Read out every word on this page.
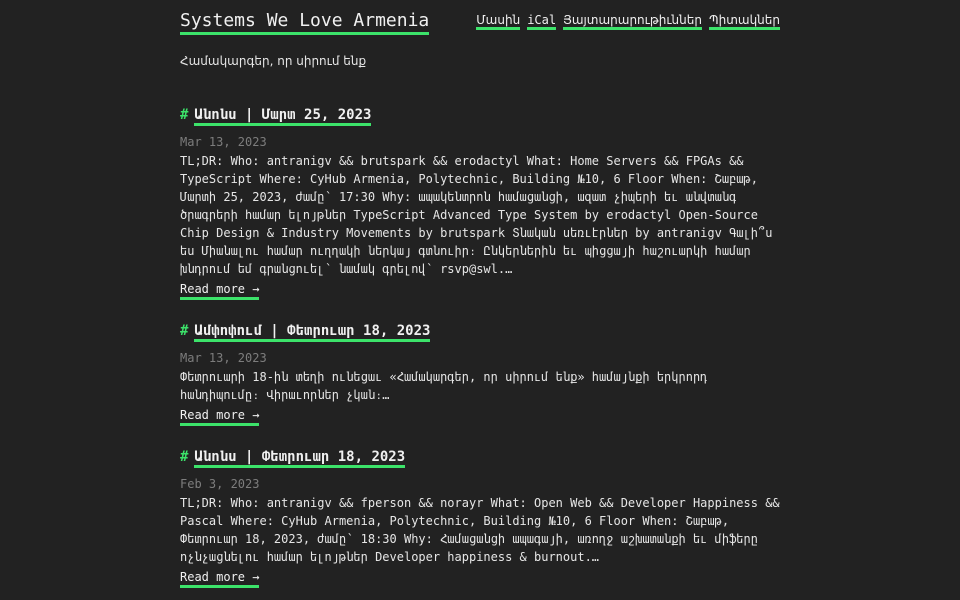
Systems We Love Armenia	Մասին iCal Յայտարարութիւններ Պիտակներ
Համակարգեր, որ սիրում ենք
# Անոնս | Մարտ 25, 2023
Mar 13, 2023
TL;DR: Who: antranigv && brutspark && erodactyl What: Home Servers && FPGAs && TypeScript Where: CyHub Armenia, Polytechnic, Building №10, 6 Floor When: Շաբաթ, Մարտի 25, 2023, ժամը՝ 17:30 Why: ապակենտրոն համացանցի, ազատ չիպերի եւ անվտանգ ծրագրերի համար ելոյթներ TypeScript Advanced Type System by erodactyl Open-Source Chip Design & Industry Movements by brutspark Տնական սեռւէրներ by antranigv Գալի՞ս ես Միանալու համար ուղղակի ներկայ գտնուիր։ Ընկերներին եւ պիցցայի հաշուարկի համար խնդրում եմ գրանցուել՝ նամակ գրելով՝ rsvp@swl.…
Read more →
# Ամփոփում | Փետրուար 18, 2023
Mar 13, 2023
Փետրուարի 18-ին տեղի ունեցաւ «Համակարգեր, որ սիրում ենք» համայնքի երկրորդ հանդիպումը։ Վիրաւորներ չկան։…
Read more →
# Անոնս | Փետրուար 18, 2023
Feb 3, 2023
TL;DR: Who: antranigv && fperson && norayr What: Open Web && Developer Happiness && Pascal Where: CyHub Armenia, Polytechnic, Building №10, 6 Floor When: Շաբաթ, Փետրուար 18, 2023, ժամը՝ 18:30 Why: Համացանցի ապագայի, առողջ աշխատանքի եւ միֆերը ոչնչացնելու համար ելոյթներ Developer happiness & burnout.…
Read more →
